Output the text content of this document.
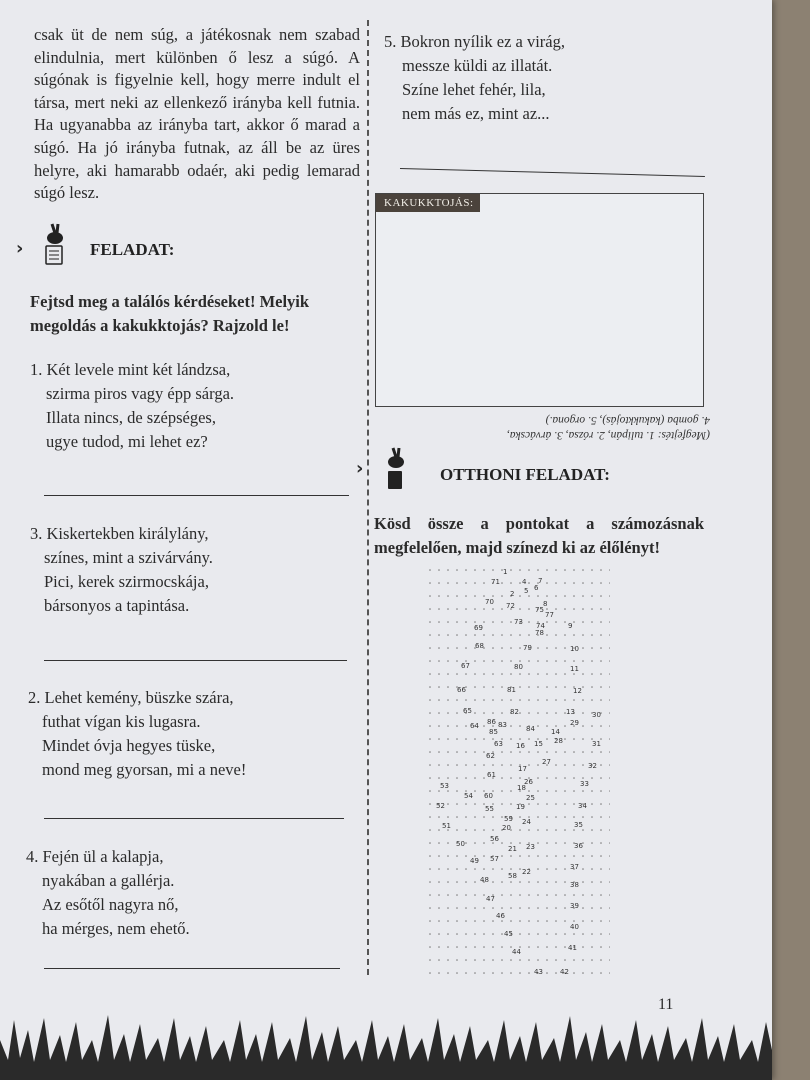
csak üt de nem súg, a játékosnak nem szabad elindulnia, mert különben ő lesz a súgó. A súgónak is figyelnie kell, hogy merre indult el társa, mert neki az ellenkező irányba kell futnia. Ha ugyanabba az irányba tart, akkor ő marad a súgó. Ha jó irányba futnak, az áll be az üres helyre, aki hamarabb odaér, aki pedig lemarad súgó lesz.

›	FELADAT:

Fejtsd meg a találós kérdéseket! Melyik megoldás a kakukktojás? Rajzold le!

1. Két levele mint két lándzsa,
szirma piros vagy épp sárga.
Illata nincs, de szépséges,
ugye tudod, mi lehet ez?
3. Kiskertekben királylány,
színes, mint a szivárvány.
Pici, kerek szirmocskája,
bársonyos a tapintása.
2. Lehet kemény, büszke szára,
futhat vígan kis lugasra.
Mindet óvja hegyes tüske,
mond meg gyorsan, mi a neve!
4. Fején ül a kalapja,
nyakában a gallérja.
Az esőtől nagyra nő,
ha mérges, nem ehető.
5. Bokron nyílik ez a virág,
messze küldi az illatát.
Színe lehet fehér, lila,
nem más ez, mint az...
KAKUKKTOJÁS:
(Megfejtés: 1. tulipán, 2. rózsa, 3. árvácska,
4. gomba (kakukktojás), 5. orgona.)
›	OTTHONI FELADAT:

Kösd össze a pontokat a számozásnak megfelelően, majd színezd ki az élőlényt!

1
71
2
4 7
5 6
70 72	8
75
77
69
73 74	9
78
68	79	10
67	80	11
66	81	12
65	82	13 30
64 86 83	84
29
14
85
63 16 15 28	31
62
17
27	32
61
53	18
26	33
54 60	25
52	55	19	34
59 24
51	20	35
50
56
21 23	36
49 57
37
48	58 22
38
47
39
46
40
45
41
44
43 42
11
